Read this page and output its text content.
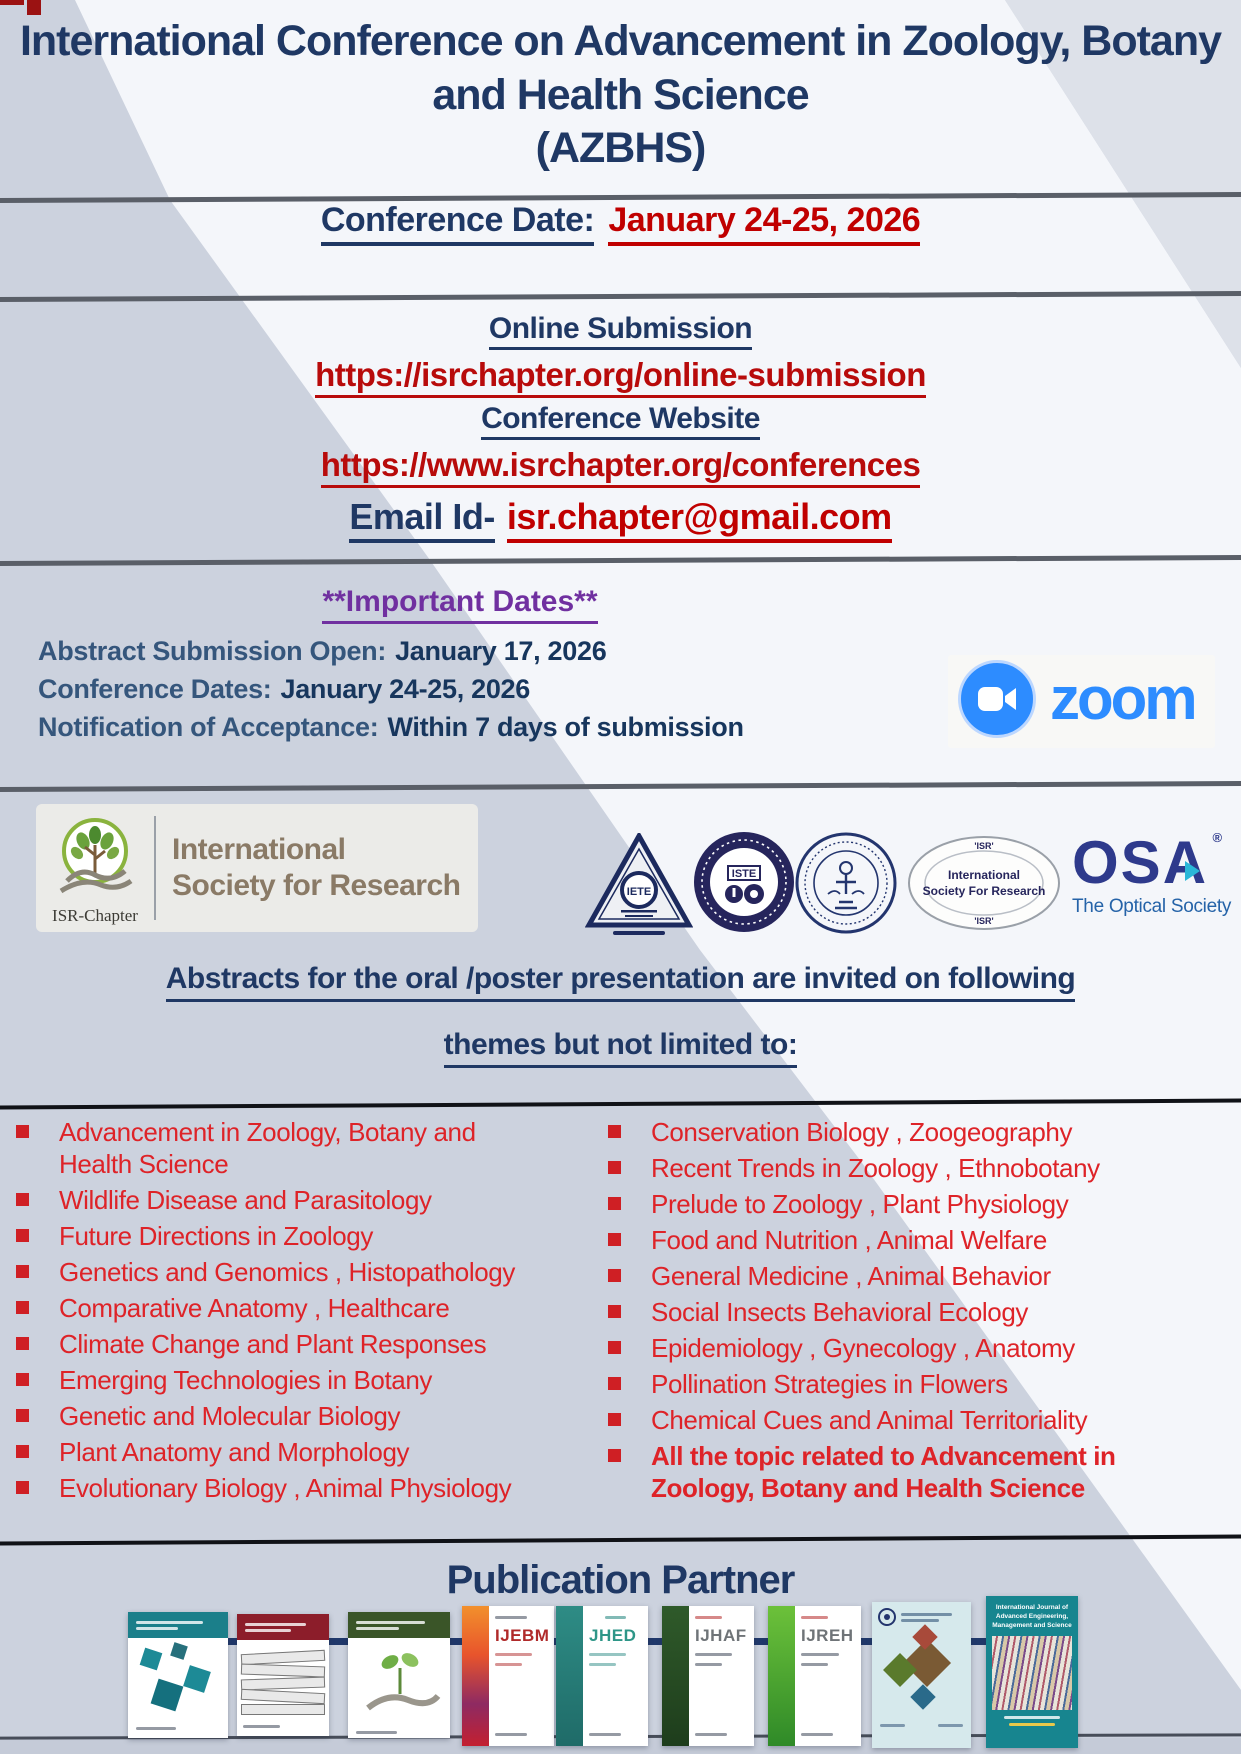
International Conference on Advancement in Zoology, Botany and Health Science
(AZBHS)
Conference Date: January 24-25, 2026
Online Submission
https://isrchapter.org/online-submission
Conference Website
https://www.isrchapter.org/conferences
Email Id- isr.chapter@gmail.com
**Important Dates**
Abstract Submission Open: January 17, 2026
Conference Dates: January 24-25, 2026
Notification of Acceptance: Within 7 days of submission	zoom
ISR-Chapter
International
Society for Research	IETE
ISTE
'ISR'
International
Society For Research
'ISR'
OSA ®
The Optical Society
Abstracts for the oral /poster presentation are invited on following
themes but not limited to:
Advancement in Zoology, Botany and Health Science
Wildlife Disease and Parasitology
Future Directions in Zoology
Genetics and Genomics , Histopathology
Comparative Anatomy , Healthcare
Climate Change and Plant Responses
Emerging Technologies in Botany
Genetic and Molecular Biology
Plant Anatomy and Morphology
Evolutionary Biology , Animal Physiology
Conservation Biology , Zoogeography
Recent Trends in Zoology , Ethnobotany
Prelude to Zoology , Plant Physiology
Food and Nutrition , Animal Welfare
General Medicine , Animal Behavior
Social Insects Behavioral Ecology
Epidemiology , Gynecology , Anatomy
Pollination Strategies in Flowers
Chemical Cues and Animal Territoriality
All the topic related to Advancement in Zoology, Botany and Health Science
Publication Partner
IJEBM JHED	IJHAF	IJREH
International Journal of Advanced Engineering, Management and Science
